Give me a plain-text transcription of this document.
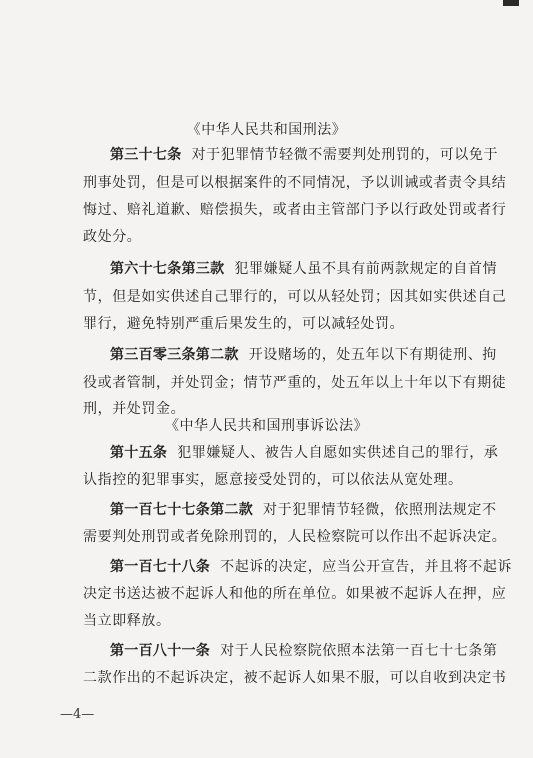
《中华人民共和国刑法》
第三十七条 对于犯罪情节轻微不需要判处刑罚的，可以免于
刑事处罚，但是可以根据案件的不同情况，予以训诫或者责令具结
悔过、赔礼道歉、赔偿损失，或者由主管部门予以行政处罚或者行
政处分。
第六十七条第三款 犯罪嫌疑人虽不具有前两款规定的自首情
节，但是如实供述自己罪行的，可以从轻处罚；因其如实供述自己
罪行，避免特别严重后果发生的，可以减轻处罚。
第三百零三条第二款 开设赌场的，处五年以下有期徒刑、拘
役或者管制，并处罚金；情节严重的，处五年以上十年以下有期徒
刑，并处罚金。
《中华人民共和国刑事诉讼法》
第十五条 犯罪嫌疑人、被告人自愿如实供述自己的罪行，承
认指控的犯罪事实，愿意接受处罚的，可以依法从宽处理。
第一百七十七条第二款 对于犯罪情节轻微，依照刑法规定不
需要判处刑罚或者免除刑罚的，人民检察院可以作出不起诉决定。
第一百七十八条 不起诉的决定，应当公开宣告，并且将不起诉
决定书送达被不起诉人和他的所在单位。如果被不起诉人在押，应
当立即释放。
第一百八十一条 对于人民检察院依照本法第一百七十七条第
二款作出的不起诉决定，被不起诉人如果不服，可以自收到决定书
—4—
